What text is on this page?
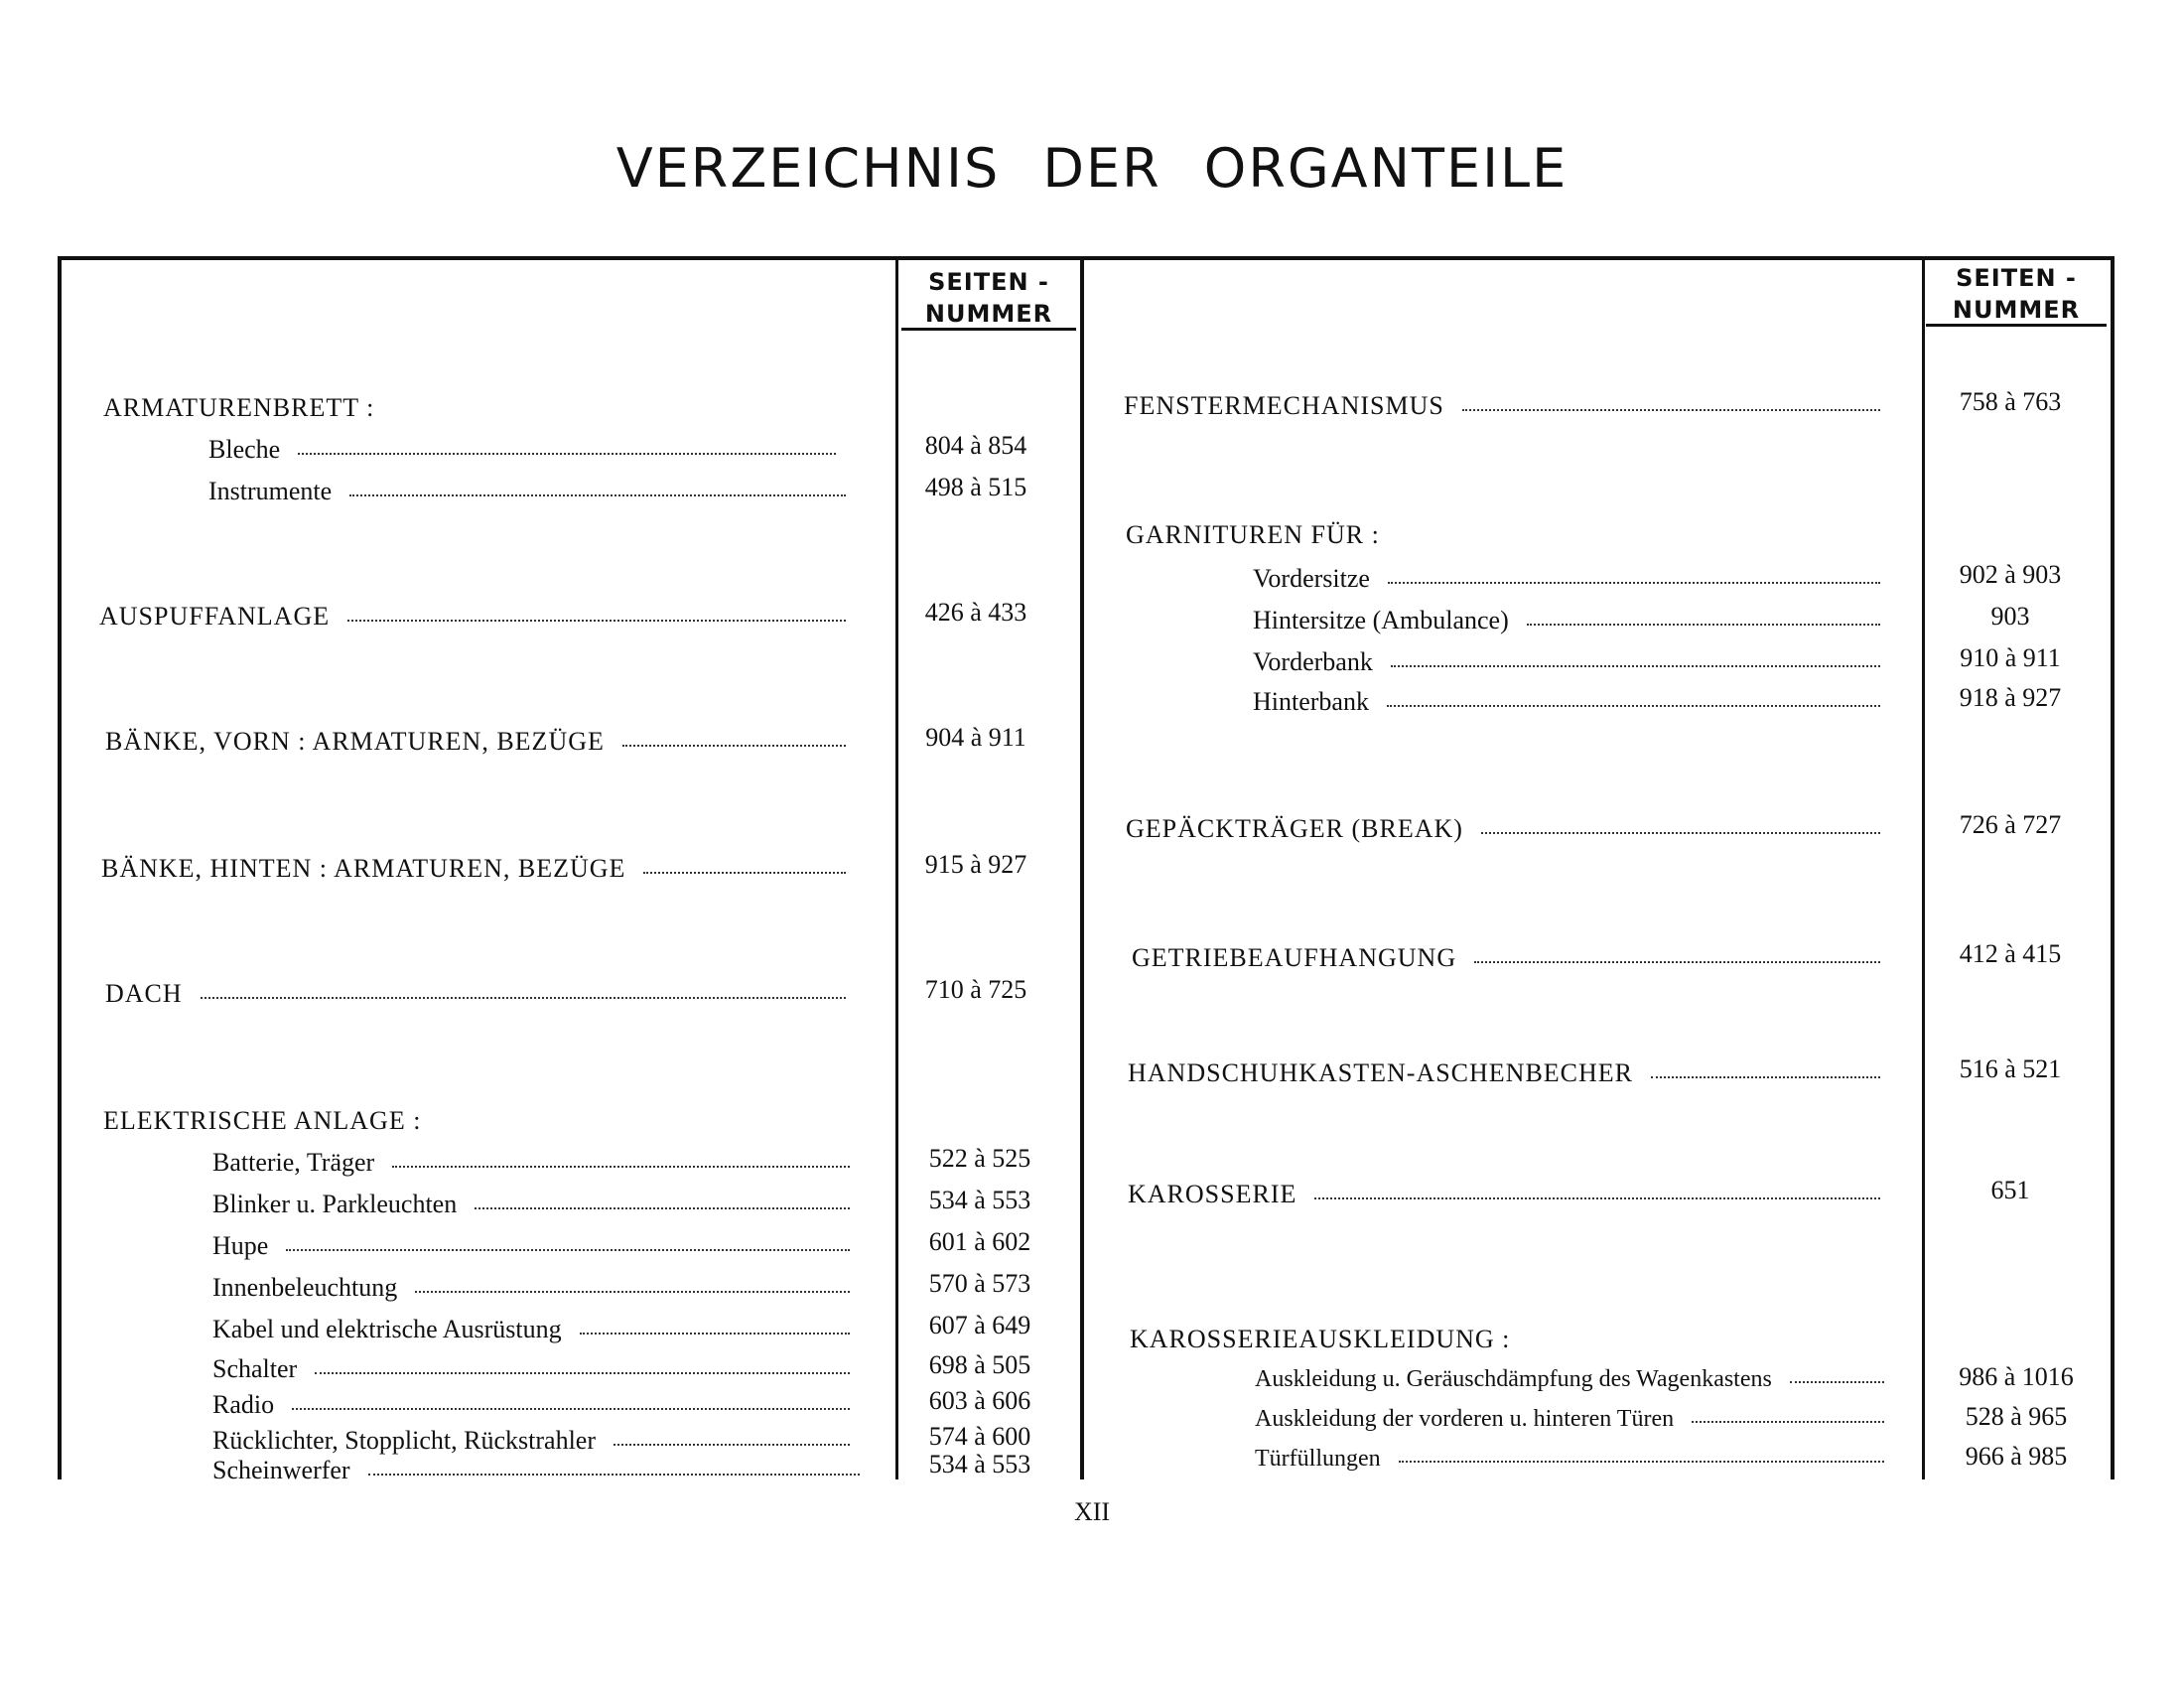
VERZEICHNIS DER ORGANTEILE
SEITEN -
NUMMER
SEITEN -
NUMMER
ARMATURENBRETT :
Bleche	804 à 854
Instrumente	498 à 515
AUSPUFFANLAGE	426 à 433
BÄNKE, VORN : ARMATUREN, BEZÜGE	904 à 911
BÄNKE, HINTEN : ARMATUREN, BEZÜGE	915 à 927
DACH	710 à 725
ELEKTRISCHE ANLAGE :
Batterie, Träger	522 à 525
Blinker u. Parkleuchten	534 à 553
Hupe	601 à 602
Innenbeleuchtung	570 à 573
Kabel und elektrische Ausrüstung	607 à 649
Schalter	698 à 505
Radio	603 à 606
Rücklichter, Stopplicht, Rückstrahler	574 à 600
Scheinwerfer	534 à 553
FENSTERMECHANISMUS	758 à 763
GARNITUREN FÜR :
Vordersitze	902 à 903
Hintersitze (Ambulance)	903
Vorderbank	910 à 911
Hinterbank	918 à 927
GEPÄCKTRÄGER (BREAK)	726 à 727
GETRIEBEAUFHANGUNG	412 à 415
HANDSCHUHKASTEN-ASCHENBECHER	516 à 521
KAROSSERIE	651
KAROSSERIEAUSKLEIDUNG :
Auskleidung u. Geräuschdämpfung des Wagenkastens	986 à 1016
Auskleidung der vorderen u. hinteren Türen	528 à 965
Türfüllungen	966 à 985
XII
